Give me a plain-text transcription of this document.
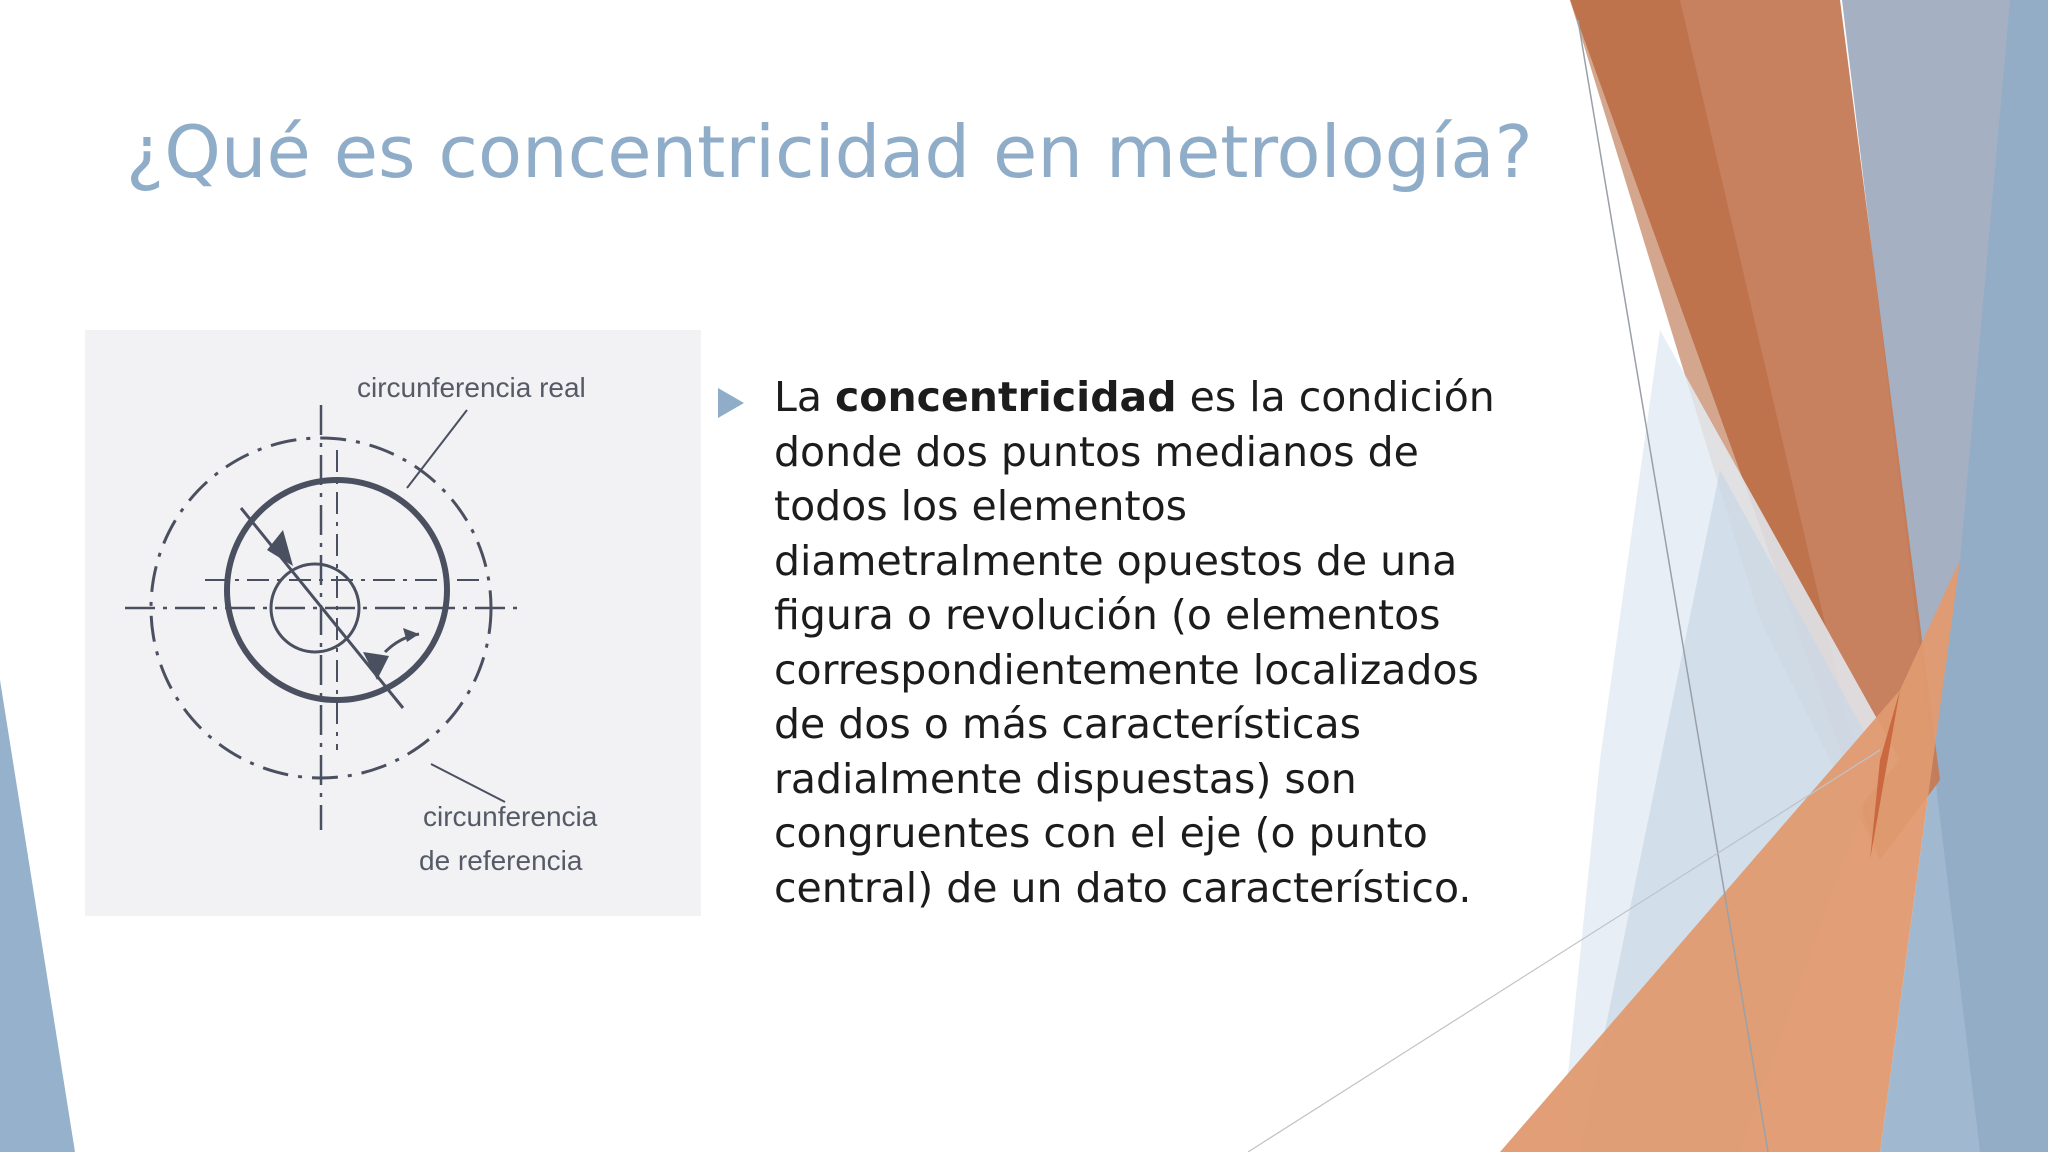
¿Qué es concentricidad en metrología?
circunferencia real
circunferencia
de referencia

La concentricidad es la condición
donde dos puntos medianos de
todos los elementos
diametralmente opuestos de una
figura o revolución (o elementos
correspondientemente localizados
de dos o más características
radialmente dispuestas) son
congruentes con el eje (o punto
central) de un dato característico.
